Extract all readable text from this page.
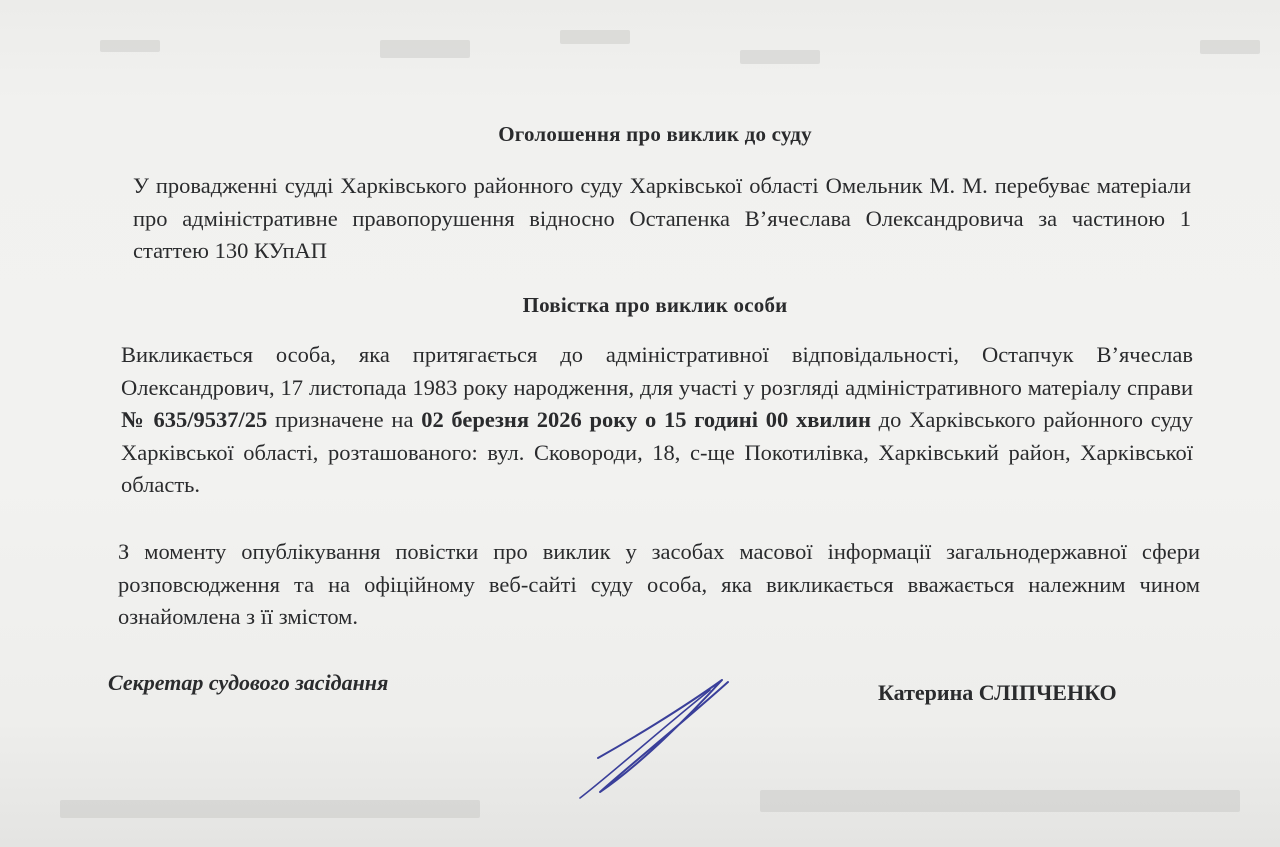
Оголошення про виклик до суду

У провадженні судді Харківського районного суду Харківської області Омельник М. М. перебуває матеріали про адміністративне правопорушення відносно Остапенка В’ячеслава Олександровича за частиною 1 статтею 130 КУпАП

Повістка про виклик особи

Викликається особа, яка притягається до адміністративної відповідальності, Остапчук В’ячеслав Олександрович, 17 листопада 1983 року народження, для участі у розгляді адміністративного матеріалу справи № 635/9537/25 призначене на 02 березня 2026 року о 15 годині 00 хвилин до Харківського районного суду Харківської області, розташованого: вул. Сковороди, 18, с-ще Покотилівка, Харківський район, Харківської область.

З моменту опублікування повістки про виклик у засобах масової інформації загальнодержавної сфери розповсюдження та на офіційному веб-сайті суду особа, яка викликається вважається належним чином ознайомлена з її змістом.

Секретар судового засідання	Катерина СЛІПЧЕНКО
